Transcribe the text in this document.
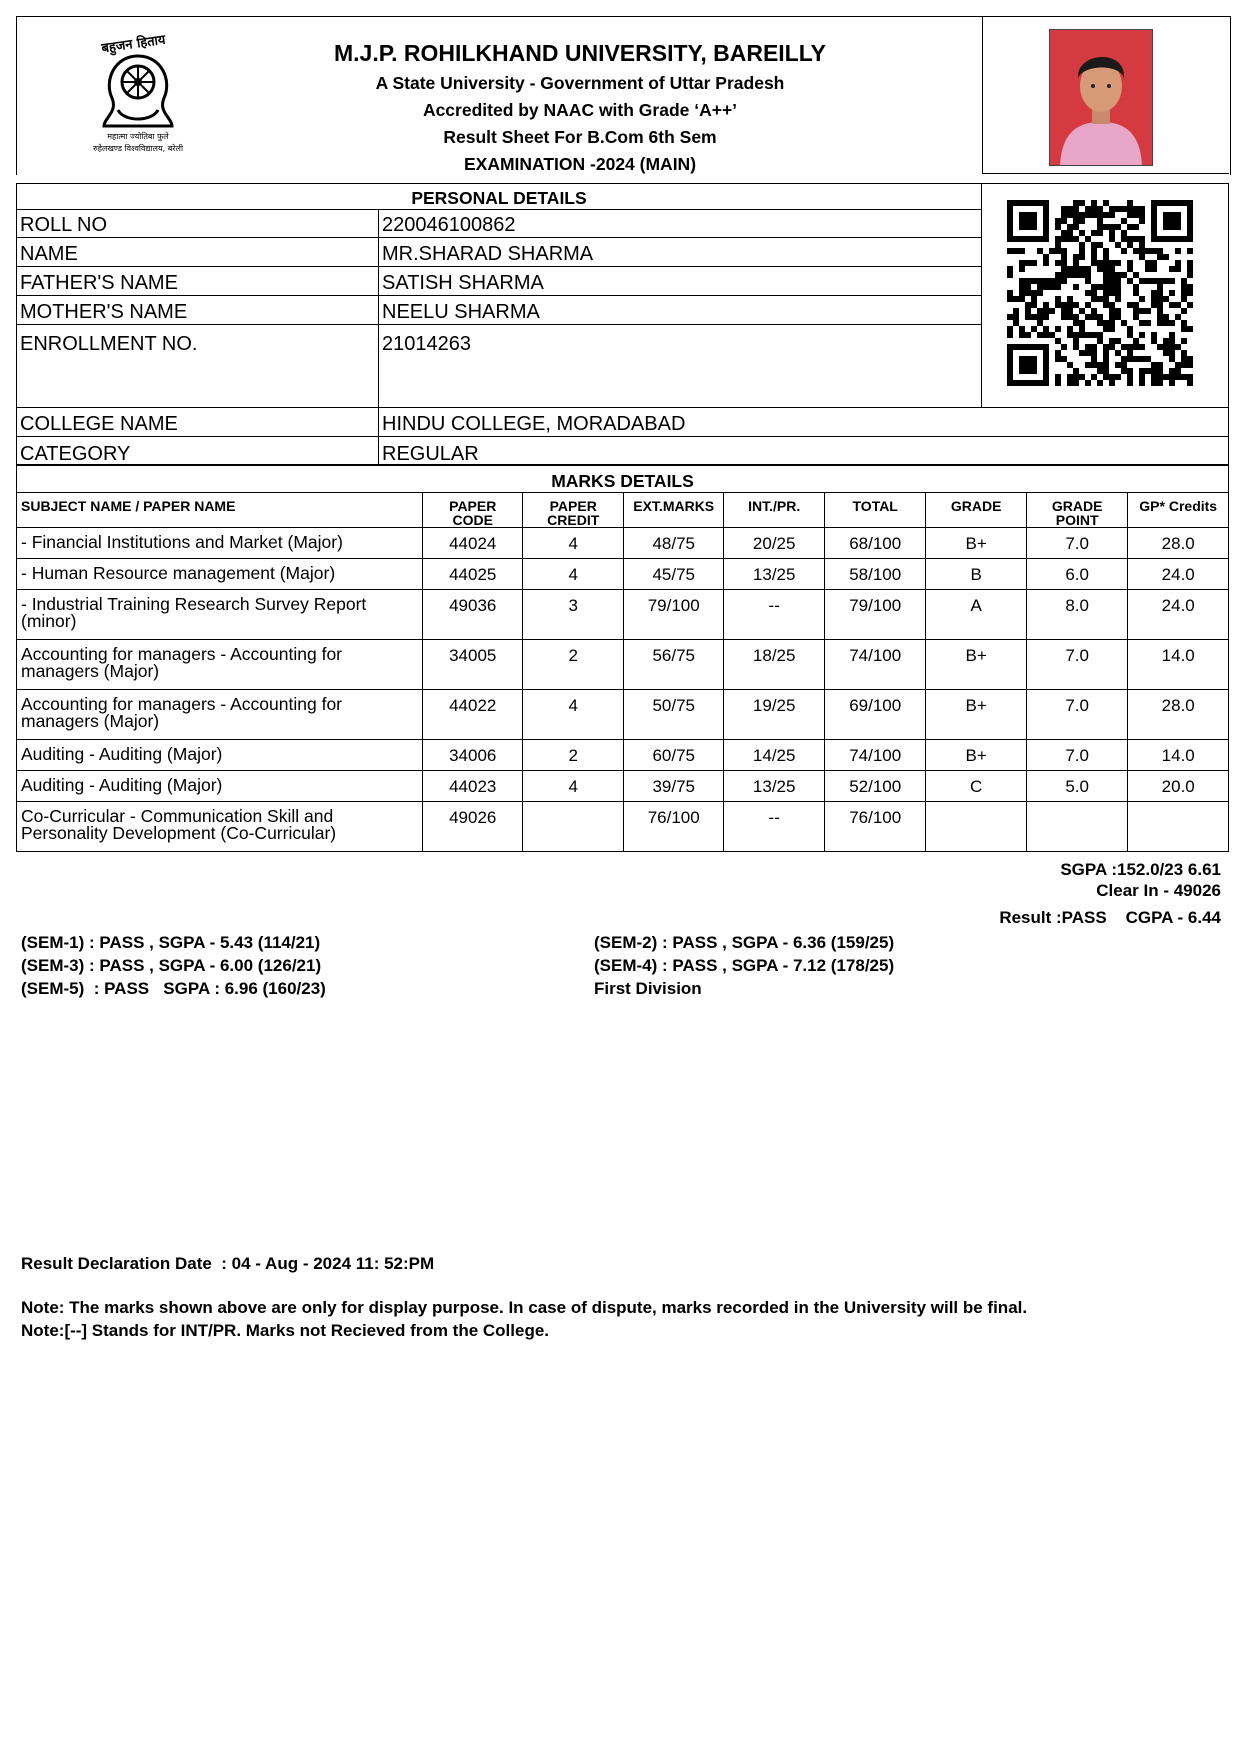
बहुजन हिताय
महात्मा ज्योतिबा फुले
रुहेलखण्ड विश्वविद्यालय, बरेली
M.J.P. ROHILKHAND UNIVERSITY, BAREILLY
A State University - Government of Uttar Pradesh
Accredited by NAAC with Grade ‘A++’
Result Sheet For B.Com 6th Sem
EXAMINATION -2024 (MAIN)
PERSONAL DETAILS
ROLL NO	220046100862
NAME	MR.SHARAD SHARMA
FATHER'S NAME	SATISH SHARMA
MOTHER'S NAME	NEELU SHARMA
ENROLLMENT NO.	21014263
COLLEGE NAME	HINDU COLLEGE, MORADABAD
CATEGORY	REGULAR
MARKS DETAILS
SUBJECT NAME / PAPER NAME	PAPER CODE	PAPER CREDIT	EXT.MARKS	INT./PR.	TOTAL	GRADE	GRADE POINT	GP* Credits
- Financial Institutions and Market (Major)	44024	4	48/75	20/25	68/100	B+	7.0	28.0
- Human Resource management (Major)	44025	4	45/75	13/25	58/100	B	6.0	24.0
- Industrial Training Research Survey Report (minor)	49036	3	79/100	--	79/100	A	8.0	24.0
Accounting for managers - Accounting for managers (Major)	34005	2	56/75	18/25	74/100	B+	7.0	14.0
Accounting for managers - Accounting for managers (Major)	44022	4	50/75	19/25	69/100	B+	7.0	28.0
Auditing - Auditing (Major)	34006	2	60/75	14/25	74/100	B+	7.0	14.0
Auditing - Auditing (Major)	44023	4	39/75	13/25	52/100	C	5.0	20.0
Co-Curricular - Communication Skill and Personality Development (Co-Curricular)	49026		76/100	--	76/100			
SGPA :152.0/23 6.61
Clear In - 49026
Result :PASS    CGPA - 6.44
(SEM-1) : PASS , SGPA - 5.43 (114/21)	(SEM-2) : PASS , SGPA - 6.36 (159/25)
(SEM-3) : PASS , SGPA - 6.00 (126/21)	(SEM-4) : PASS , SGPA - 7.12 (178/25)
(SEM-5)  : PASS   SGPA : 6.96 (160/23)	First Division
Result Declaration Date  : 04 - Aug - 2024 11: 52:PM
Note: The marks shown above are only for display purpose. In case of dispute, marks recorded in the University will be final.
Note:[--] Stands for INT/PR. Marks not Recieved from the College.
